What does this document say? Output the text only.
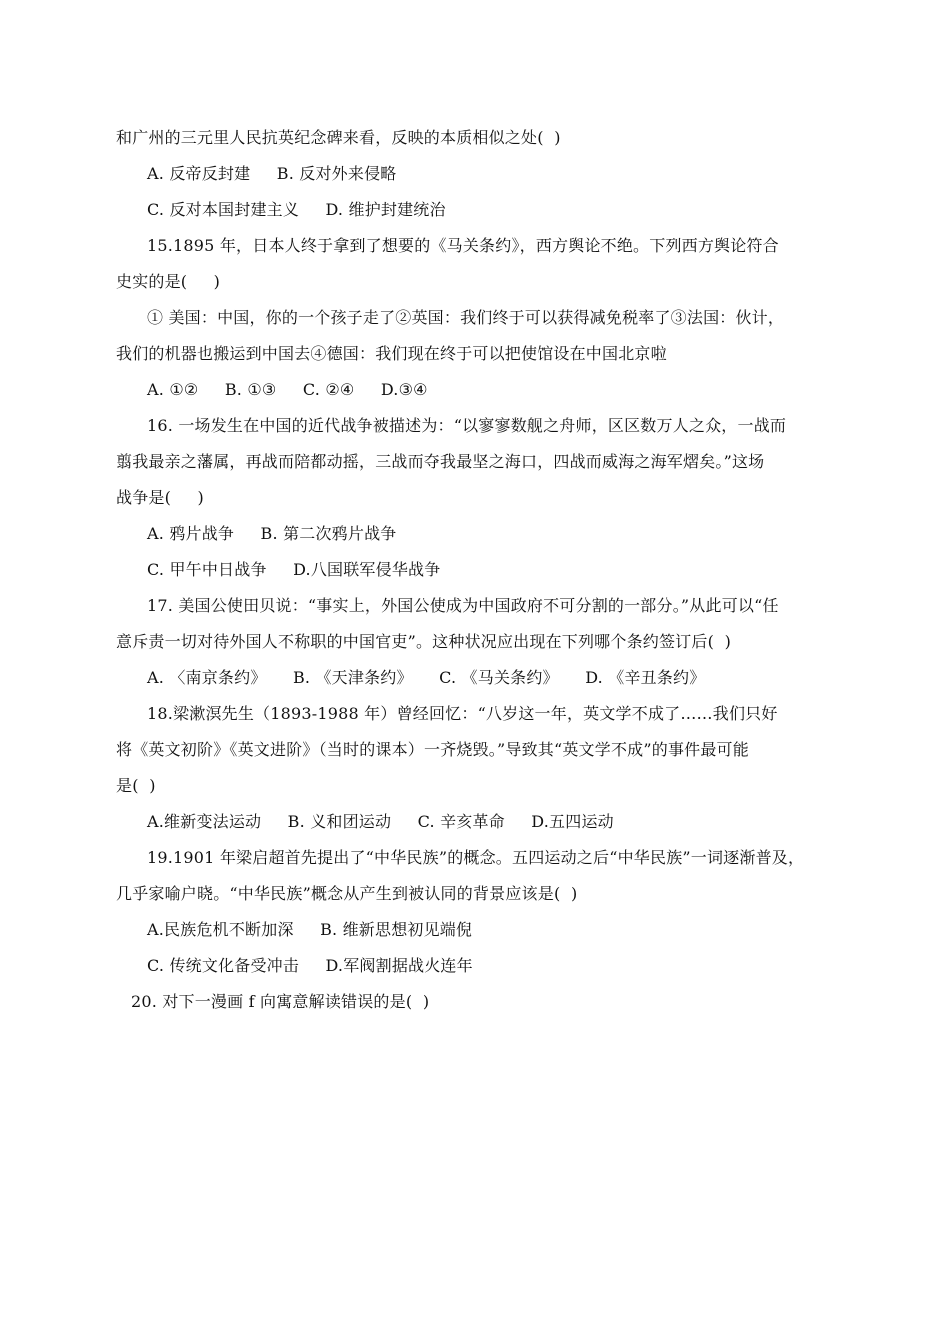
和广州的三元里人民抗英纪念碑来看，反映的本质相似之处(  )
A. 反帝反封建     B. 反对外来侵略
C. 反对本国封建主义     D. 维护封建统治
15.1895 年，日本人终于拿到了想要的《马关条约》，西方舆论不绝。下列西方舆论符合
史实的是(     )
① 美国：中国，你的一个孩子走了②英国：我们终于可以获得减免税率了③法国：伙计，
我们的机器也搬运到中国去④德国：我们现在终于可以把使馆设在中国北京啦
A. ①②     B. ①③     C. ②④     D.③④
16. 一场发生在中国的近代战争被描述为：“以寥寥数舰之舟师，区区数万人之众，一战而
翦我最亲之藩属，再战而陪都动摇，三战而夺我最坚之海口，四战而威海之海军熠矣。”这场
战争是(     )
A. 鸦片战争     B. 第二次鸦片战争
C. 甲午中日战争     D.八国联军侵华战争
17. 美国公使田贝说：“事实上，外国公使成为中国政府不可分割的一部分。”从此可以“任
意斥责一切对待外国人不称职的中国官吏”。这种状况应出现在下列哪个条约签订后(  )
A. 〈南京条约》     B. 《天津条约》     C. 《马关条约》     D. 《辛丑条约》
18.梁漱溟先生（1893-1988 年）曾经回忆：“八岁这一年，英文学不成了……我们只好
将《英文初阶》《英文进阶》（当时的课本）一齐烧毁。”导致其“英文学不成”的事件最可能
是(  )
A.维新变法运动     B. 义和团运动     C. 辛亥革命     D.五四运动
19.1901 年梁启超首先提出了“中华民族”的概念。五四运动之后“中华民族”一词逐渐普及，
几乎家喻户晓。“中华民族”概念从产生到被认同的背景应该是(  )
A.民族危机不断加深     B. 维新思想初见端倪
C. 传统文化备受冲击     D.军阀割据战火连年
20. 对下一漫画 f 向寓意解读错误的是(  )
